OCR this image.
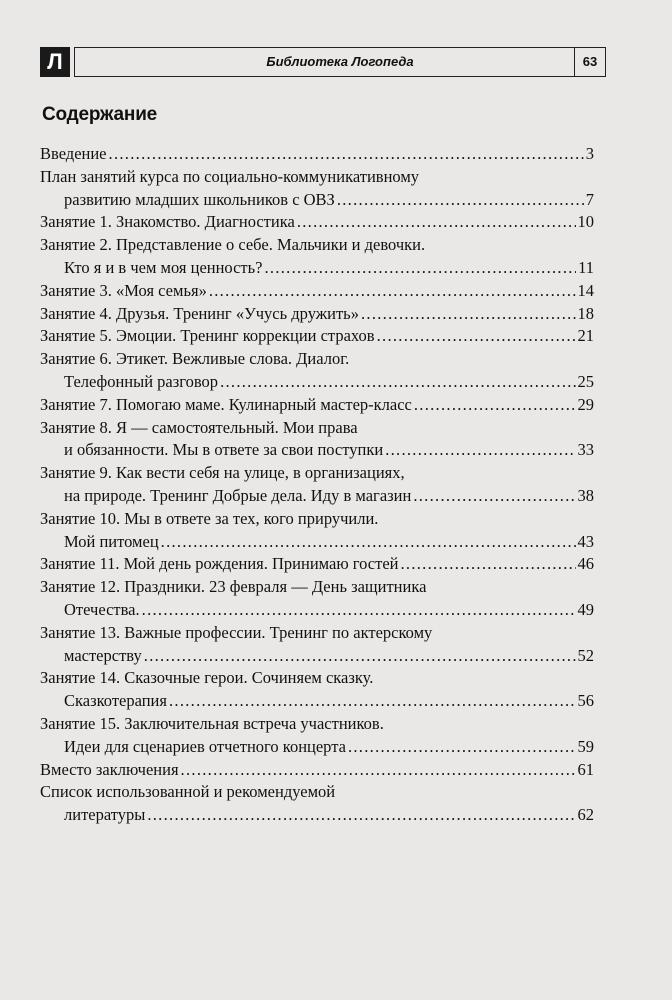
Л	Библиотека Логопеда	63
Содержание
Введение .....	3
План занятий курса по социально-коммуникативному
развитию младших школьников с ОВЗ .....	7
Занятие 1. Знакомство. Диагностика .....	10
Занятие 2. Представление о себе. Мальчики и девочки.
Кто я и в чем моя ценность? .....	11
Занятие 3. «Моя семья» .....	14
Занятие 4. Друзья. Тренинг «Учусь дружить» .....	18
Занятие 5. Эмоции. Тренинг коррекции страхов .....	21
Занятие 6. Этикет. Вежливые слова. Диалог.
Телефонный разговор .....	25
Занятие 7. Помогаю маме. Кулинарный мастер-класс .....	29
Занятие 8. Я — самостоятельный. Мои права
и обязанности. Мы в ответе за свои поступки .....	33
Занятие 9. Как вести себя на улице, в организациях,
на природе. Тренинг Добрые дела. Иду в магазин .....	38
Занятие 10. Мы в ответе за тех, кого приручили.
Мой питомец .....	43
Занятие 11. Мой день рождения. Принимаю гостей .....	46
Занятие 12. Праздники. 23 февраля — День защитника
Отечества. .....	49
Занятие 13. Важные профессии. Тренинг по актерскому
мастерству .....	52
Занятие 14. Сказочные герои. Сочиняем сказку.
Сказкотерапия .....	56
Занятие 15. Заключительная встреча участников.
Идеи для сценариев отчетного концерта .....	59
Вместо заключения .....	61
Список использованной и рекомендуемой
литературы .....	62
